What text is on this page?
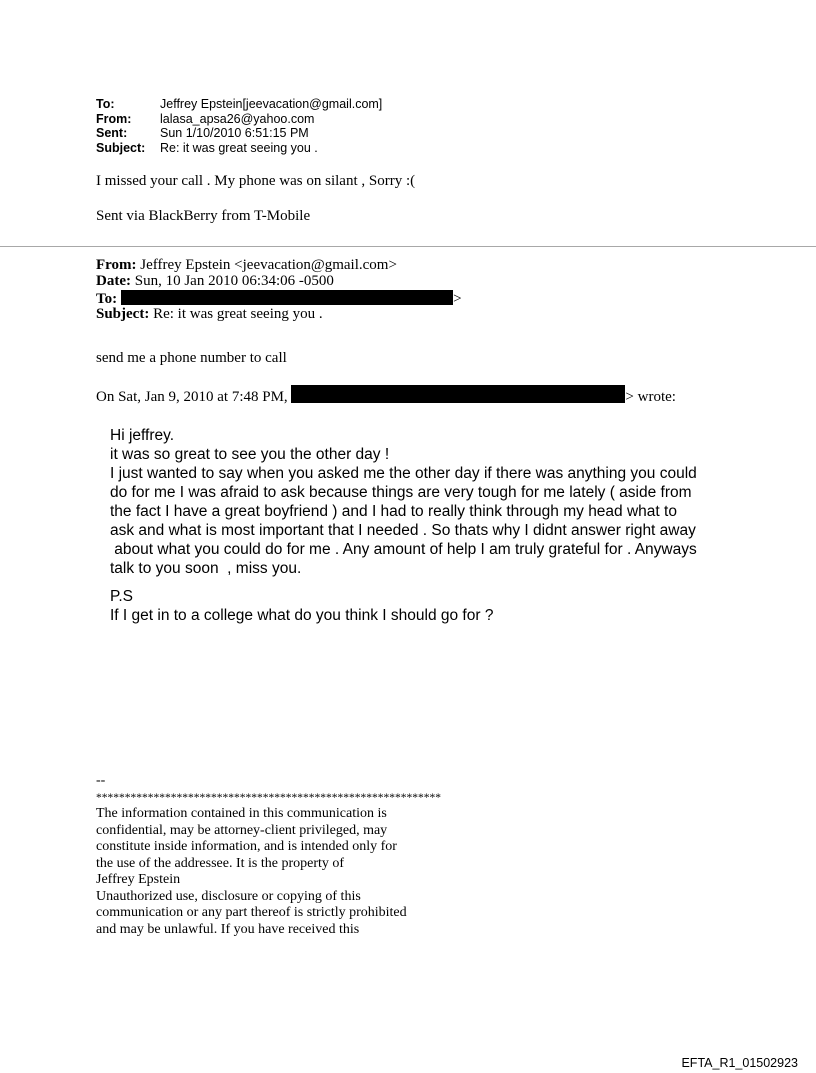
To:	Jeffrey Epstein[jeevacation@gmail.com]
From:	lalasa_apsa26@yahoo.com
Sent:	Sun 1/10/2010 6:51:15 PM
Subject:	Re: it was great seeing you .
I missed your call . My phone was on silant , Sorry :(
Sent via BlackBerry from T-Mobile
From: Jeffrey Epstein <jeevacation@gmail.com>
Date: Sun, 10 Jan 2010 06:34:06 -0500
To:	>
Subject: Re: it was great seeing you .
send me a phone number to call
On Sat, Jan 9, 2010 at 7:48 PM,	> wrote:
Hi jeffrey.
it was so great to see you the other day !
I just wanted to say when you asked me the other day if there was anything you could
do for me I was afraid to ask because things are very tough for me lately ( aside from
the fact I have a great boyfriend ) and I had to really think through my head what to
ask and what is most important that I needed . So thats why I didnt answer right away
about what you could do for me . Any amount of help I am truly grateful for . Anyways
talk to you soon  , miss you.
P.S
If I get in to a college what do you think I should go for ?
--
************************************************************
The information contained in this communication is
confidential, may be attorney-client privileged, may
constitute inside information, and is intended only for
the use of the addressee. It is the property of
Jeffrey Epstein
Unauthorized use, disclosure or copying of this
communication or any part thereof is strictly prohibited
and may be unlawful. If you have received this
EFTA_R1_01502923
